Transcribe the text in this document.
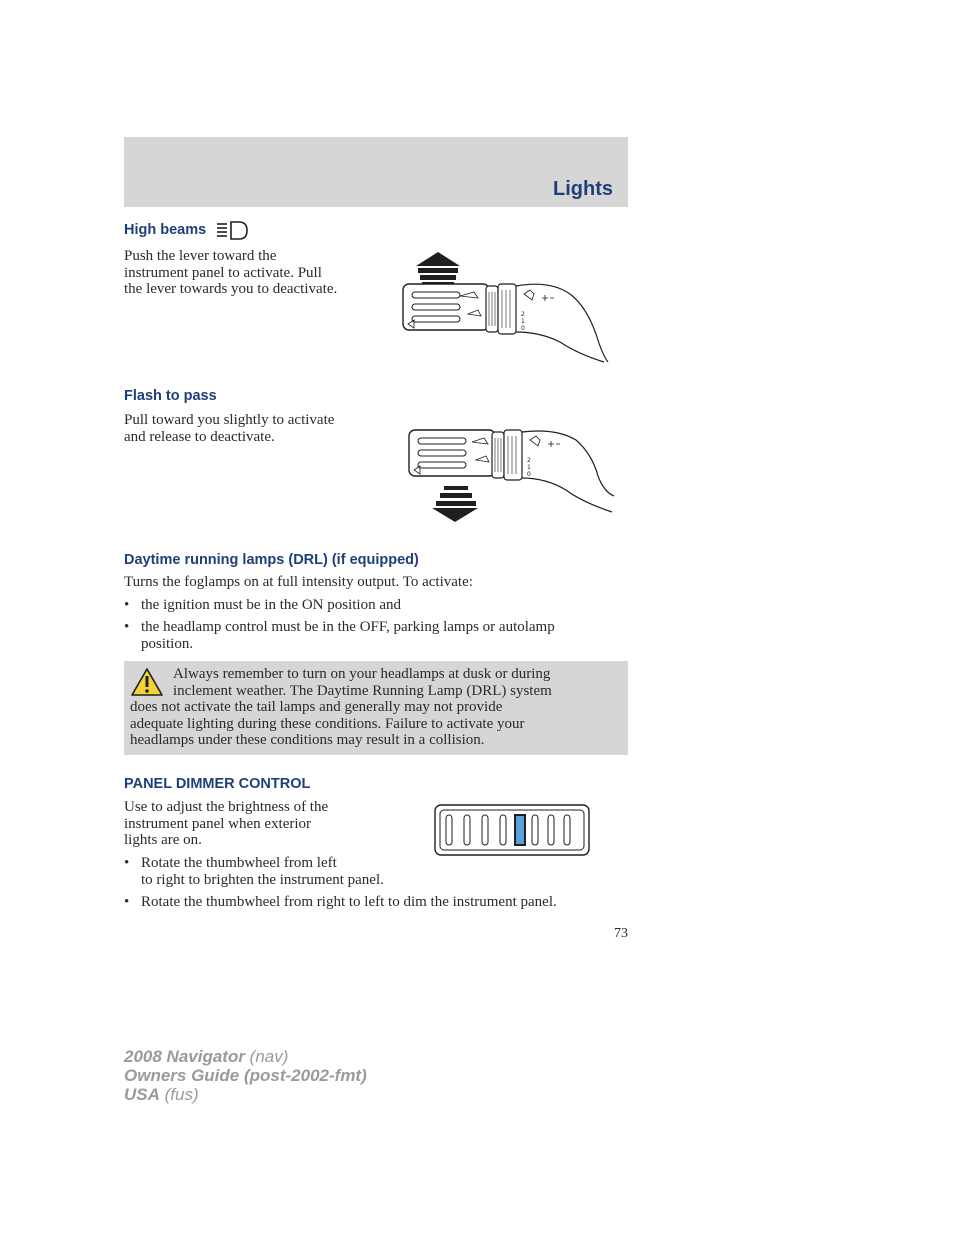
Lights
High beams
Push the lever toward the
instrument panel to activate. Pull
the lever towards you to deactivate.
2
1
0
Flash to pass
Pull toward you slightly to activate
and release to deactivate.
2
1
0
Daytime running lamps (DRL) (if equipped)
Turns the foglamps on at full intensity output. To activate:
• the ignition must be in the ON position and
• the headlamp control must be in the OFF, parking lamps or autolamp
position.
Always remember to turn on your headlamps at dusk or during
inclement weather. The Daytime Running Lamp (DRL) system
does not activate the tail lamps and generally may not provide
adequate lighting during these conditions. Failure to activate your
headlamps under these conditions may result in a collision.
PANEL DIMMER CONTROL
Use to adjust the brightness of the
instrument panel when exterior
lights are on.
• Rotate the thumbwheel from left
to right to brighten the instrument panel.
• Rotate the thumbwheel from right to left to dim the instrument panel.
73
2008 Navigator (nav)
Owners Guide (post-2002-fmt)
USA (fus)
